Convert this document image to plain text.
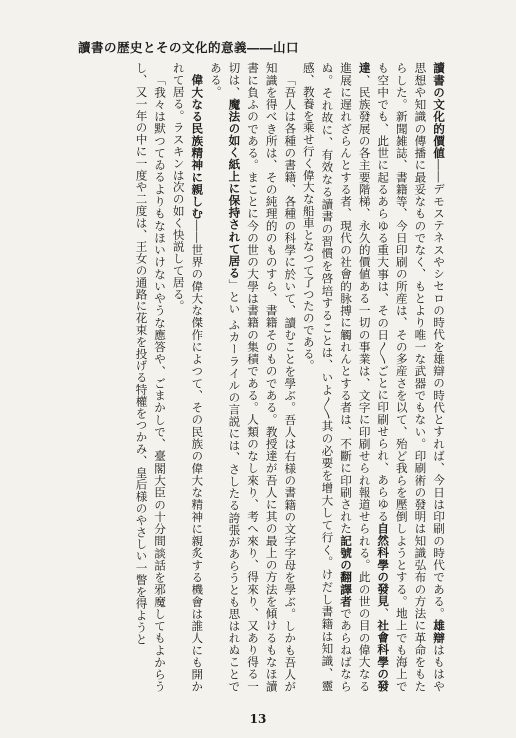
讀書の歴史とその文化的意義――山口

讀書の文化的價値――デモステネスやシセロの時代を雄辯の時代とすれば、今日は印刷の時代である。雄辯はもはや思想や知識の傳播に最妥なものでなく、もとより唯一な武器でもない。印刷術の發明は知識弘布の方法に革命をもたらした。新聞雑誌、書籍等、今日印刷の所産は、その多産さを以て、殆ど我らを壓倒しようとする。地上でも海上でも空中でも、此世に起るあらゆる重大事は、その日〳〵ごとに印刷せられ、あらゆる自然科學の發見、社會科學の發達、民族發展の各主要階梯、永久的價値ある一切の事業は、文字に印刷せられ報道せられる。此の世の目の偉大なる進展に遅れざらんとする者、現代の社會的脉搏に觸れんとする者は、不斷に印刷された記號の翻譯者であらねばならぬ。それ故に、有效なる讀書の習慣を啓培することは、いよ〳〵其の必要を增大して行く。けだし書籍は知識、靈感、教養を乘せ行く偉大な船車となつて了つたのである。

「吾人は各種の書籍、各種の科學に於いて、讀むことを學ぶ。吾人は右様の書籍の文字字母を學ぶ。しかも吾人が知識を得べき所は、その純理的のものすら、書籍そのものである。教授達が吾人に其の最上の方法を傾けるもなほ讀書に負ふのである。まことに今の世の大學は書籍の集積である。人類のなし來り、考へ來り、得來り、又あり得る一切は、魔法の如く紙上に保持されて居る」とい ふカーライルの言説には、さしたる誇張があらうとも思はれぬことである。

偉大なる民族精神に親しむ――世界の偉大な傑作によつて、その民族の偉大な精神に親炙する機會は誰人にも開かれて居る。ラスキンは次の如く快説して居る。

「我々は默つてゐるよりもなほいけないやうな應答や、ごまかしで、臺閣大臣の十分間談話を邪魔してもよからうし、又一年の中に一度や二度は、王女の通路に花束を投げる特權をつかみ、皇后様のやさしい一瞥を得ようと

13
